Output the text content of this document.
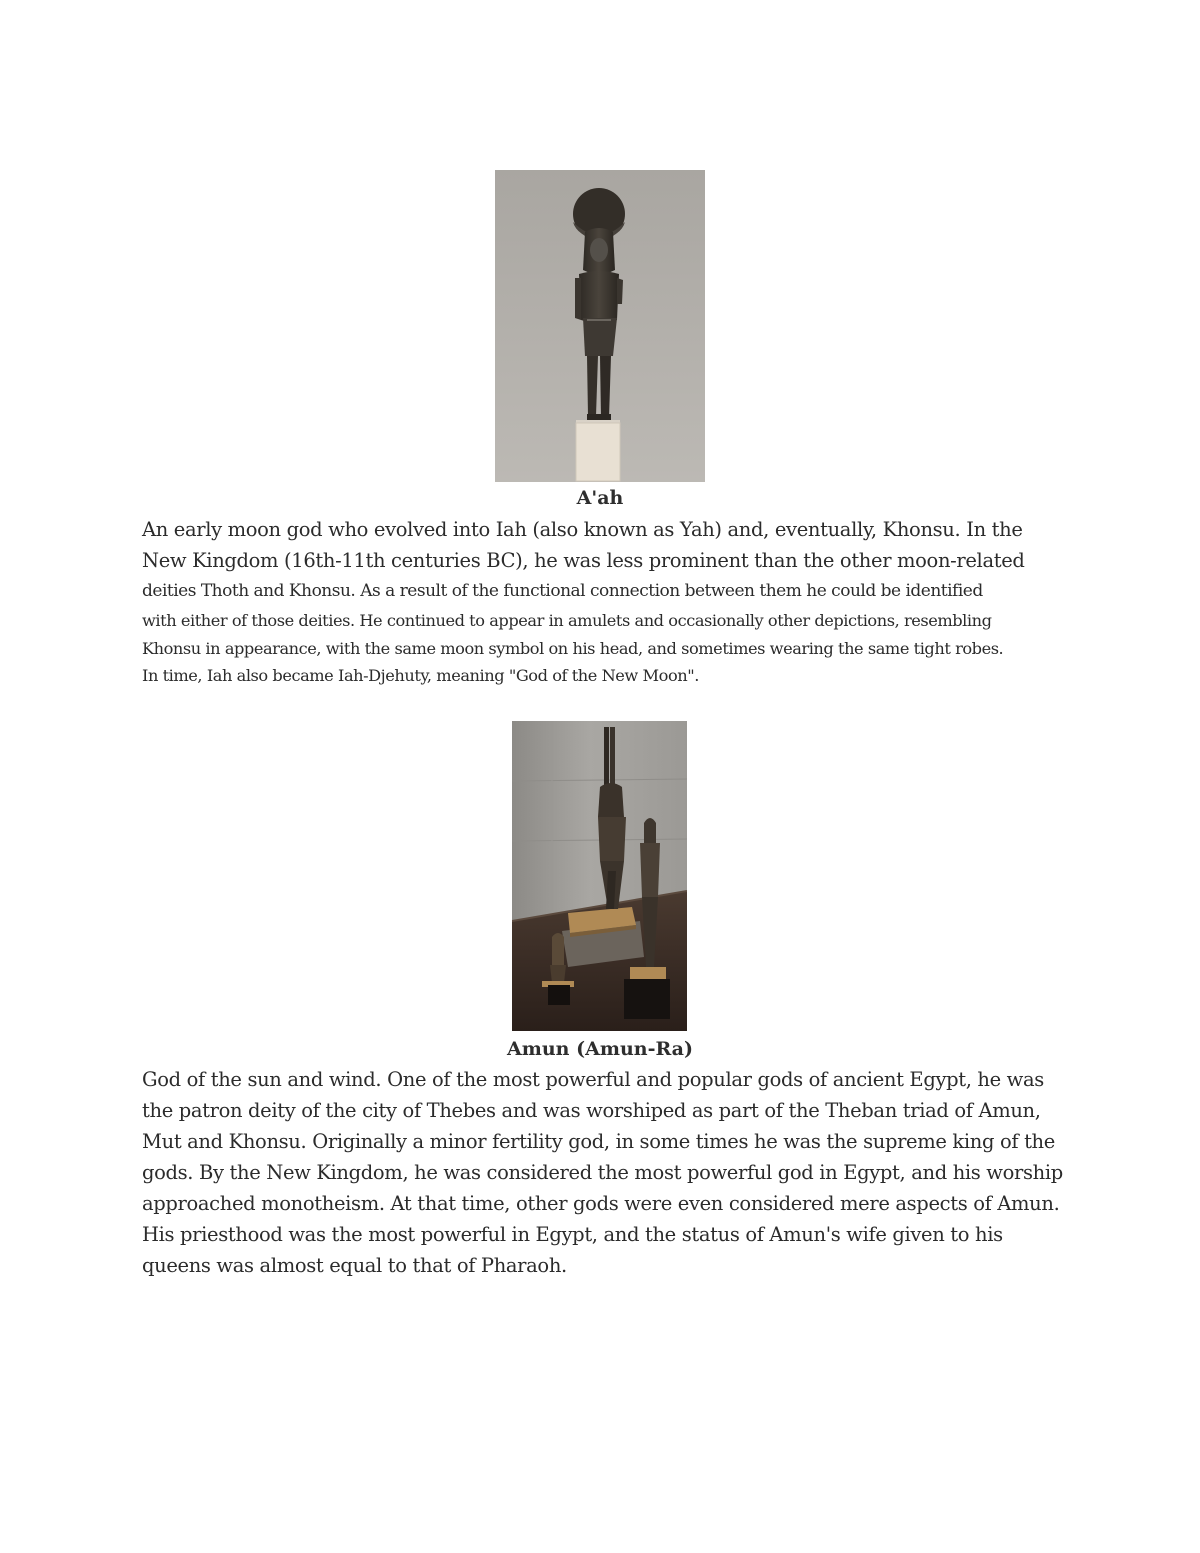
A'ah

An early moon god who evolved into Iah (also known as Yah) and, eventually, Khonsu. In the
New Kingdom (16th-11th centuries BC), he was less prominent than the other moon-related
deities Thoth and Khonsu. As a result of the functional connection between them he could be identified
with either of those deities. He continued to appear in amulets and occasionally other depictions, resembling
Khonsu in appearance, with the same moon symbol on his head, and sometimes wearing the same tight robes.
In time, Iah also became Iah-Djehuty, meaning "God of the New Moon".

Amun (Amun-Ra)

God of the sun and wind. One of the most powerful and popular gods of ancient Egypt, he was
the patron deity of the city of Thebes and was worshiped as part of the Theban triad of Amun,
Mut and Khonsu. Originally a minor fertility god, in some times he was the supreme king of the
gods. By the New Kingdom, he was considered the most powerful god in Egypt, and his worship
approached monotheism. At that time, other gods were even considered mere aspects of Amun.
His priesthood was the most powerful in Egypt, and the status of Amun's wife given to his
queens was almost equal to that of Pharaoh.
